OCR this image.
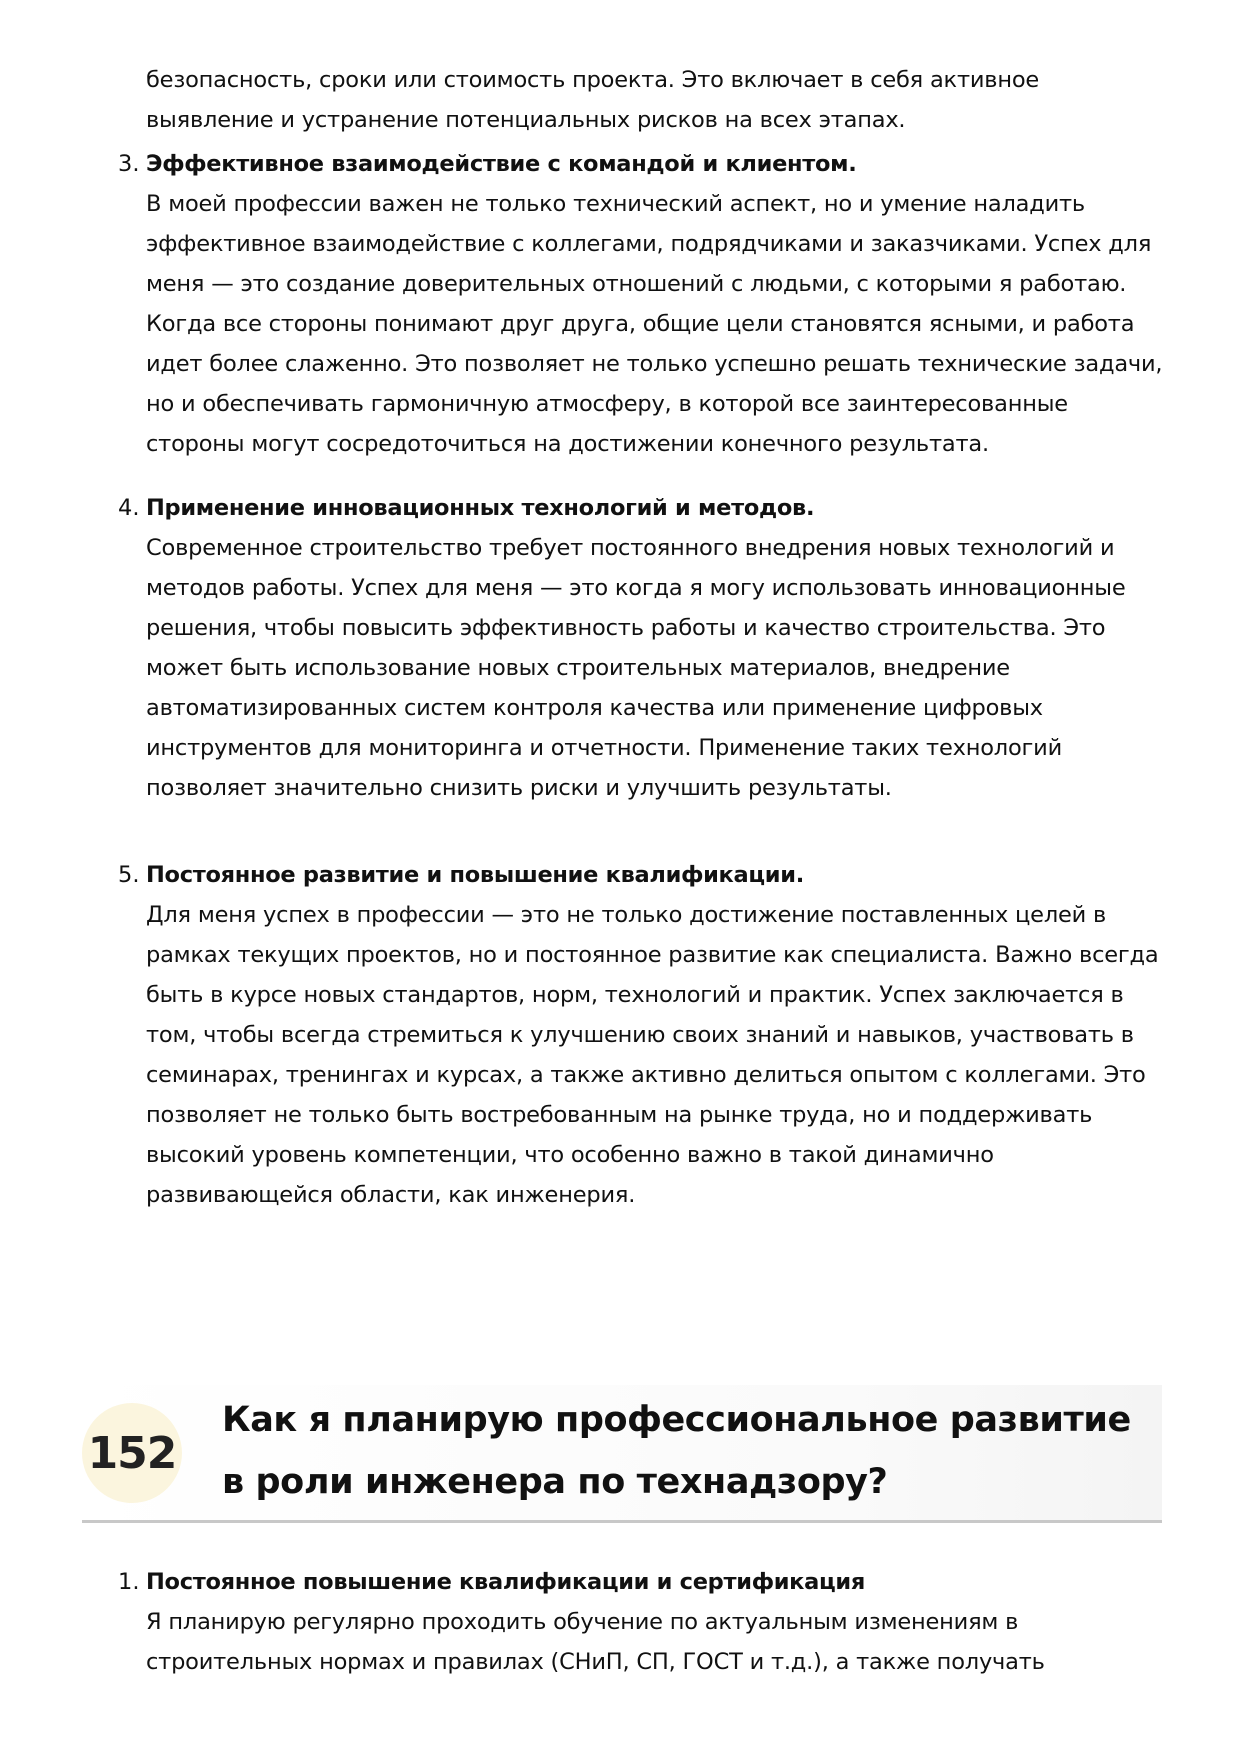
безопасность, сроки или стоимость проекта. Это включает в себя активное выявление и устранение потенциальных рисков на всех этапах.

3. Эффективное взаимодействие с командой и клиентом.

В моей профессии важен не только технический аспект, но и умение наладить эффективное взаимодействие с коллегами, подрядчиками и заказчиками. Успех для меня — это создание доверительных отношений с людьми, с которыми я работаю. Когда все стороны понимают друг друга, общие цели становятся ясными, и работа идет более слаженно. Это позволяет не только успешно решать технические задачи, но и обеспечивать гармоничную атмосферу, в которой все заинтересованные стороны могут сосредоточиться на достижении конечного результата.

4. Применение инновационных технологий и методов.

Современное строительство требует постоянного внедрения новых технологий и методов работы. Успех для меня — это когда я могу использовать инновационные решения, чтобы повысить эффективность работы и качество строительства. Это может быть использование новых строительных материалов, внедрение автоматизированных систем контроля качества или применение цифровых инструментов для мониторинга и отчетности. Применение таких технологий позволяет значительно снизить риски и улучшить результаты.

5. Постоянное развитие и повышение квалификации.

Для меня успех в профессии — это не только достижение поставленных целей в рамках текущих проектов, но и постоянное развитие как специалиста. Важно всегда быть в курсе новых стандартов, норм, технологий и практик. Успех заключается в том, чтобы всегда стремиться к улучшению своих знаний и навыков, участвовать в семинарах, тренингах и курсах, а также активно делиться опытом с коллегами. Это позволяет не только быть востребованным на рынке труда, но и поддерживать высокий уровень компетенции, что особенно важно в такой динамично развивающейся области, как инженерия.

152
Как я планирую профессиональное развитие в роли инженера по технадзору?
1. Постоянное повышение квалификации и сертификация

Я планирую регулярно проходить обучение по актуальным изменениям в строительных нормах и правилах (СНиП, СП, ГОСТ и т.д.), а также получать
